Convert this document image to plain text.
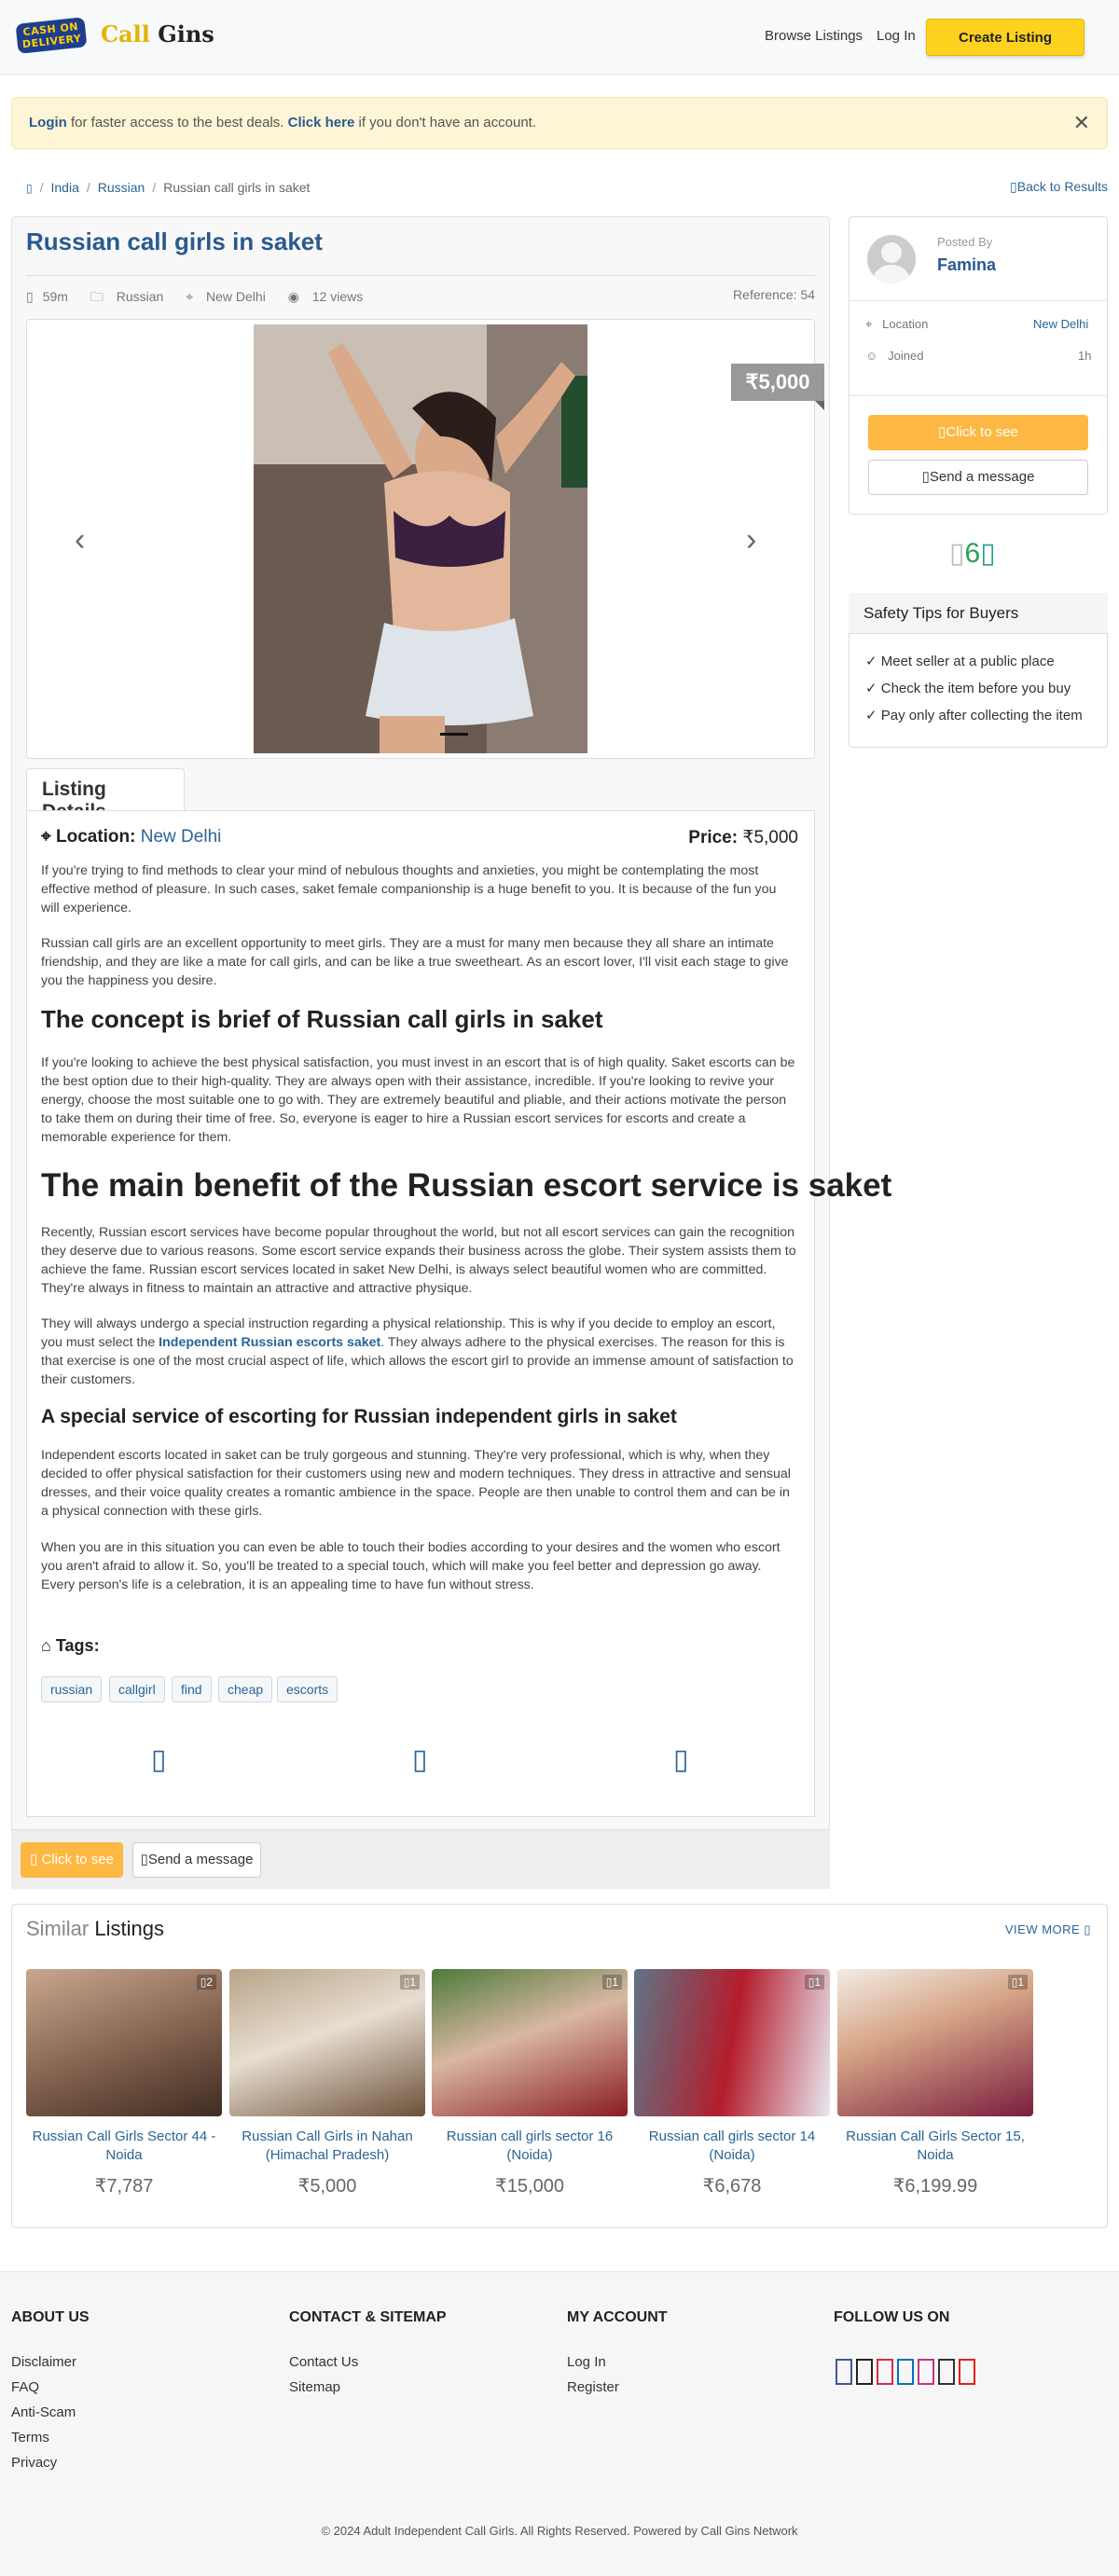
CASH ON DELIVERY Call Gins	Browse Listings Log In	Create Listing
Login for faster access to the best deals. Click here if you don't have an account.	✕
▯ / India / Russian / Russian call girls in saket	▯Back to Results
Russian call girls in saket
▯ 59m 🗀 Russian ⌖ New Delhi ◉ 12 views	Reference: 54
‹	›
₹5,000
Listing
⌖ Location: New Delhi	Price: ₹5,000

If you're trying to find methods to clear your mind of nebulous thoughts and anxieties, you might be contemplating the most effective method of pleasure. In such cases, saket female companionship is a huge benefit to you. It is because of the fun you will experience.

Russian call girls are an excellent opportunity to meet girls. They are a must for many men because they all share an intimate friendship, and they are like a mate for call girls, and can be like a true sweetheart. As an escort lover, I'll visit each stage to give you the happiness you desire.

The concept is brief of Russian call girls in saket

If you're looking to achieve the best physical satisfaction, you must invest in an escort that is of high quality. Saket escorts can be the best option due to their high-quality. They are always open with their assistance, incredible. If you're looking to revive your energy, choose the most suitable one to go with. They are extremely beautiful and pliable, and their actions motivate the person to take them on during their time of free. So, everyone is eager to hire a Russian escort services for escorts and create a memorable experience for them.

The main benefit of the Russian escort service is saket

Recently, Russian escort services have become popular throughout the world, but not all escort services can gain the recognition they deserve due to various reasons. Some escort service expands their business across the globe. Their system assists them to achieve the fame. Russian escort services located in saket New Delhi, is always select beautiful women who are committed. They're always in fitness to maintain an attractive and attractive physique.

They will always undergo a special instruction regarding a physical relationship. This is why if you decide to employ an escort, you must select the Independent Russian escorts saket. They always adhere to the physical exercises. The reason for this is that exercise is one of the most crucial aspect of life, which allows the escort girl to provide an immense amount of satisfaction to their customers.

A special service of escorting for Russian independent girls in saket

Independent escorts located in saket can be truly gorgeous and stunning. They're very professional, which is why, when they decided to offer physical satisfaction for their customers using new and modern techniques. They dress in attractive and sensual dresses, and their voice quality creates a romantic ambience in the space. People are then unable to control them and can be in a physical connection with these girls.

When you are in this situation you can even be able to touch their bodies according to your desires and the women who escort you aren't afraid to allow it. So, you'll be treated to a special touch, which will make you feel better and depression go away. Every person's life is a celebration, it is an appealing time to have fun without stress.

⌂ Tags:
russian	callgirl	find	cheap	escorts
▯	▯	▯
▯ Click to see	▯Send a message
Posted By
Famina
⌖ Location	New Delhi
☺ Joined	1h
▯Click to see
▯Send a message
▯6▯
Safety Tips for Buyers
✓ Meet seller at a public place
✓ Check the item before you buy
✓ Pay only after collecting the item
Similar Listings	VIEW MORE ▯
▯2
Russian Call Girls Sector 44 - Noida
₹7,787
▯1
Russian Call Girls in Nahan (Himachal Pradesh)
₹5,000
▯1
Russian call girls sector 16 (Noida)
₹15,000
▯1
Russian call girls sector 14 (Noida)
₹6,678
▯1
Russian Call Girls Sector 15, Noida
₹6,199.99
ABOUT US
Disclaimer
FAQ
Anti-Scam
Terms
Privacy
CONTACT & SITEMAP
Contact Us
Sitemap
MY ACCOUNT
Log In
Register
FOLLOW US ON
© 2024 Adult Independent Call Girls. All Rights Reserved. Powered by Call Gins Network
